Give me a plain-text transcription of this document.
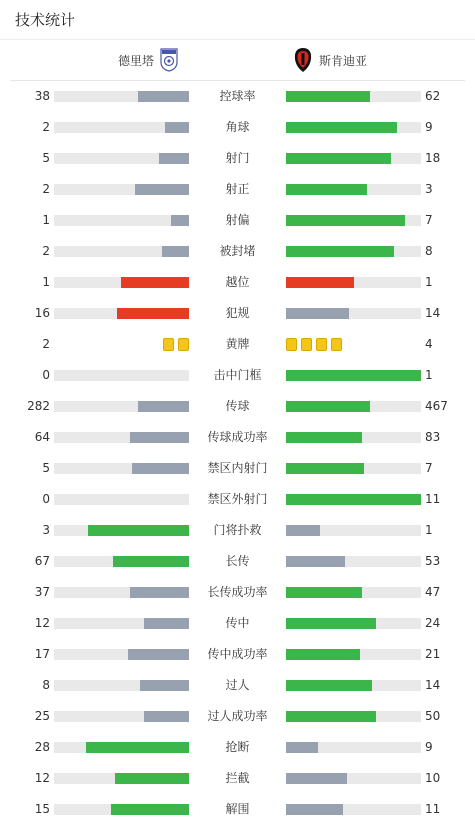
技术统计
德里塔	斯肯迪亚
38	控球率	62
2	角球	9
5	射门	18
2	射正	3
1	射偏	7
2	被封堵	8
1	越位	1
16	犯规	14
2	黄牌	4
0	击中门框	1
282	传球	467
64	传球成功率	83
5	禁区内射门	7
0	禁区外射门	11
3	门将扑救	1
67	长传	53
37	长传成功率	47
12	传中	24
17	传中成功率	21
8	过人	14
25	过人成功率	50
28	抢断	9
12	拦截	10
15	解围	11
